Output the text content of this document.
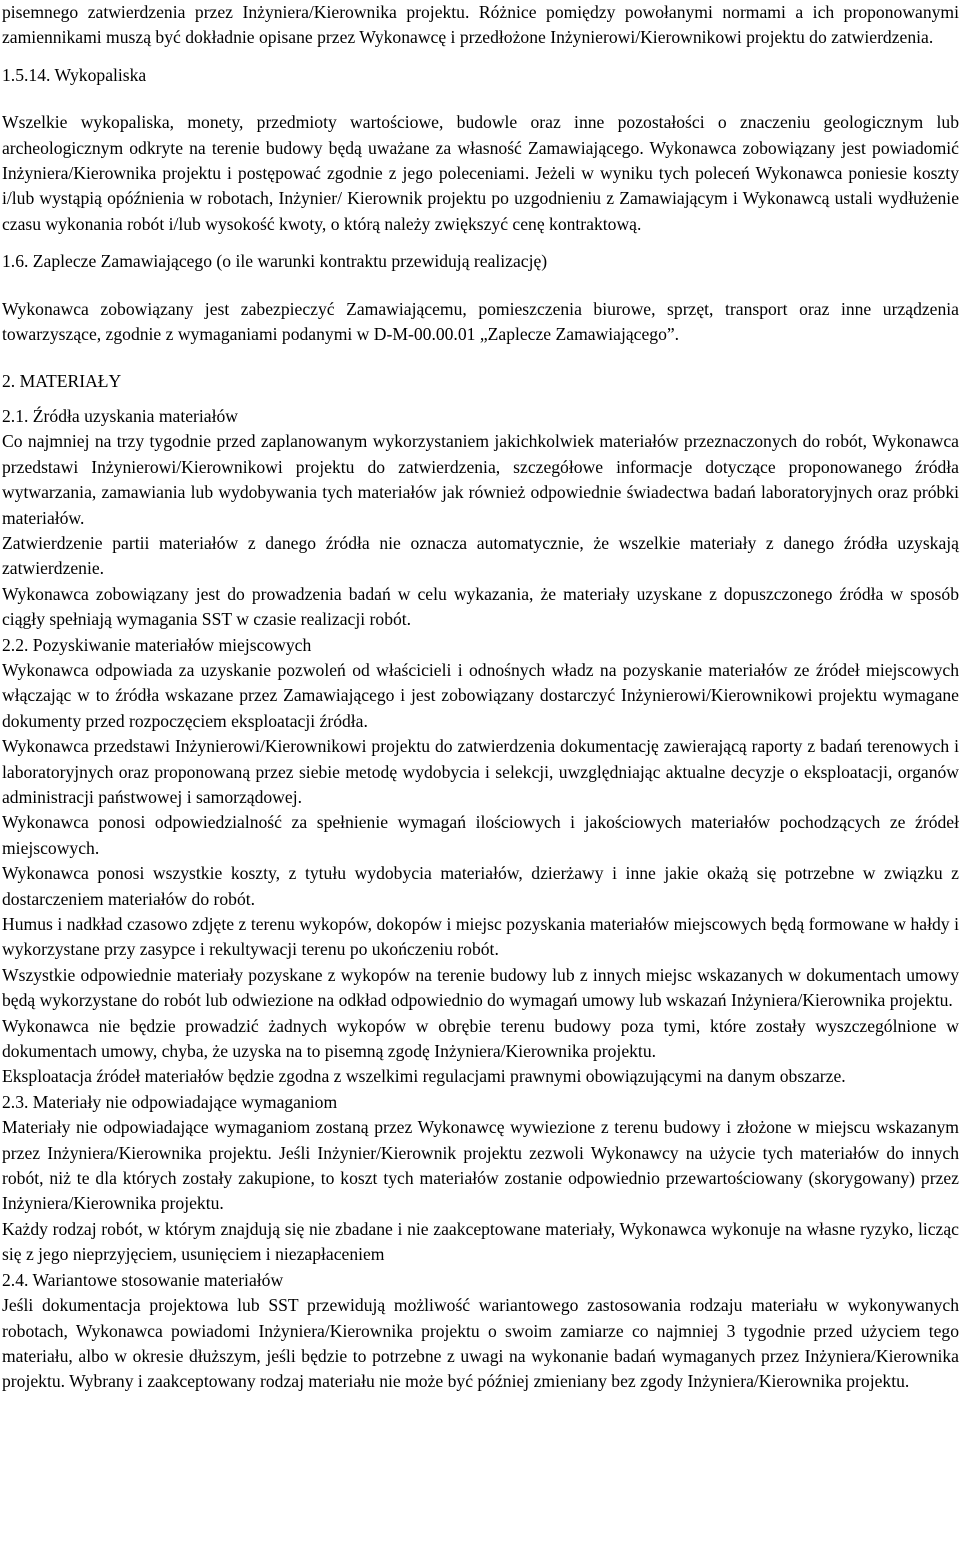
pisemnego zatwierdzenia przez Inżyniera/Kierownika projektu. Różnice pomiędzy powołanymi normami a ich proponowanymi zamiennikami muszą być dokładnie opisane przez Wykonawcę i przedłożone Inżynierowi/Kierownikowi projektu do zatwierdzenia.

1.5.14. Wykopaliska

Wszelkie wykopaliska, monety, przedmioty wartościowe, budowle oraz inne pozostałości o znaczeniu geologicznym lub archeologicznym odkryte na terenie budowy będą uważane za własność Zamawiającego. Wykonawca zobowiązany jest powiadomić Inżyniera/Kierownika projektu i postępować zgodnie z jego poleceniami. Jeżeli w wyniku tych poleceń Wykonawca poniesie koszty i/lub wystąpią opóźnienia w robotach, Inżynier/ Kierownik projektu po uzgodnieniu z Zamawiającym i Wykonawcą ustali wydłużenie czasu wykonania robót i/lub wysokość kwoty, o którą należy zwiększyć cenę kontraktową.

1.6. Zaplecze Zamawiającego (o ile warunki kontraktu przewidują realizację)

Wykonawca zobowiązany jest zabezpieczyć Zamawiającemu, pomieszczenia biurowe, sprzęt, transport oraz inne urządzenia towarzyszące, zgodnie z wymaganiami podanymi w D-M-00.00.01 „Zaplecze Zamawiającego”.

2. MATERIAŁY

2.1. Źródła uzyskania materiałów

Co najmniej na trzy tygodnie przed zaplanowanym wykorzystaniem jakichkolwiek materiałów przeznaczonych do robót, Wykonawca przedstawi Inżynierowi/Kierownikowi projektu do zatwierdzenia, szczegółowe informacje dotyczące proponowanego źródła wytwarzania, zamawiania lub wydobywania tych materiałów jak również odpowiednie świadectwa badań laboratoryjnych oraz próbki materiałów.

Zatwierdzenie partii materiałów z danego źródła nie oznacza automatycznie, że wszelkie materiały z danego źródła uzyskają zatwierdzenie.

Wykonawca zobowiązany jest do prowadzenia badań w celu wykazania, że materiały uzyskane z dopuszczonego źródła w sposób ciągły spełniają wymagania SST w czasie realizacji robót.

2.2. Pozyskiwanie materiałów miejscowych

Wykonawca odpowiada za uzyskanie pozwoleń od właścicieli i odnośnych władz na pozyskanie materiałów ze źródeł miejscowych włączając w to źródła wskazane przez Zamawiającego i jest zobowiązany dostarczyć Inżynierowi/Kierownikowi projektu wymagane dokumenty przed rozpoczęciem eksploatacji źródła.

Wykonawca przedstawi Inżynierowi/Kierownikowi projektu do zatwierdzenia dokumentację zawierającą raporty z badań terenowych i laboratoryjnych oraz proponowaną przez siebie metodę wydobycia i selekcji, uwzględniając aktualne decyzje o eksploatacji, organów administracji państwowej i samorządowej.

Wykonawca ponosi odpowiedzialność za spełnienie wymagań ilościowych i jakościowych materiałów pochodzących ze źródeł miejscowych.

Wykonawca ponosi wszystkie koszty, z tytułu wydobycia materiałów, dzierżawy i inne jakie okażą się potrzebne w związku z dostarczeniem materiałów do robót.

Humus i nadkład czasowo zdjęte z terenu wykopów, dokopów i miejsc pozyskania materiałów miejscowych będą formowane w hałdy i wykorzystane przy zasypce i rekultywacji terenu po ukończeniu robót.

Wszystkie odpowiednie materiały pozyskane z wykopów na terenie budowy lub z innych miejsc wskazanych w dokumentach umowy będą wykorzystane do robót lub odwiezione na odkład odpowiednio do wymagań umowy lub wskazań Inżyniera/Kierownika projektu.

Wykonawca nie będzie prowadzić żadnych wykopów w obrębie terenu budowy poza tymi, które zostały wyszczególnione w dokumentach umowy, chyba, że uzyska na to pisemną zgodę Inżyniera/Kierownika projektu.

Eksploatacja źródeł materiałów będzie zgodna z wszelkimi regulacjami prawnymi obowiązującymi na danym obszarze.

2.3. Materiały nie odpowiadające wymaganiom

Materiały nie odpowiadające wymaganiom zostaną przez Wykonawcę wywiezione z terenu budowy i złożone w miejscu wskazanym przez Inżyniera/Kierownika projektu. Jeśli Inżynier/Kierownik projektu zezwoli Wykonawcy na użycie tych materiałów do innych robót, niż te dla których zostały zakupione, to koszt tych materiałów zostanie odpowiednio przewartościowany (skorygowany) przez Inżyniera/Kierownika projektu.

Każdy rodzaj robót, w którym znajdują się nie zbadane i nie zaakceptowane materiały, Wykonawca wykonuje na własne ryzyko, licząc się z jego nieprzyjęciem, usunięciem i niezapłaceniem

2.4. Wariantowe stosowanie materiałów

Jeśli dokumentacja projektowa lub SST przewidują możliwość wariantowego zastosowania rodzaju materiału w wykonywanych robotach, Wykonawca powiadomi Inżyniera/Kierownika projektu o swoim zamiarze co najmniej 3 tygodnie przed użyciem tego materiału, albo w okresie dłuższym, jeśli będzie to potrzebne z uwagi na wykonanie badań wymaganych przez Inżyniera/Kierownika projektu. Wybrany i zaakceptowany rodzaj materiału nie może być później zmieniany bez zgody Inżyniera/Kierownika projektu.
